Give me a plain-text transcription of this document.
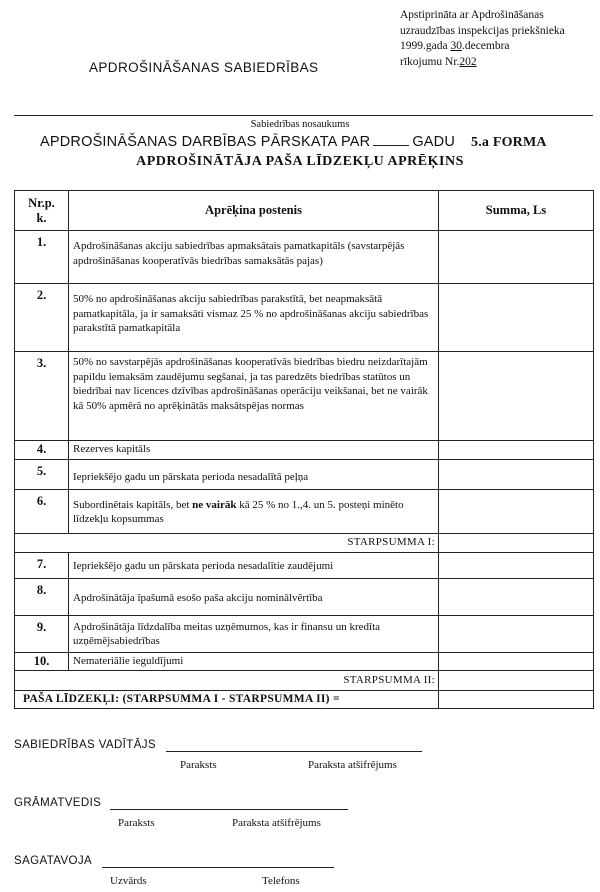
Apstiprināta ar Apdrošināšanas
uzraudzības inspekcijas priekšnieka
1999.gada 30.decembra
rīkojumu Nr.202
APDROŠINĀŠANAS SABIEDRĪBAS
Sabiedrības nosaukums
APDROŠINĀŠANAS DARBĪBAS PĀRSKATA PAR	GADU 5.a FORMA
APDROŠINĀTĀJA PAŠA LĪDZEKĻU APRĒĶINS
Nr.p.
k.	Aprēķina postenis	Summa, Ls
1.	Apdrošināšanas akciju sabiedrības apmaksātais pamatkapitāls (savstarpējās apdrošināšanas kooperatīvās biedrības samaksātās pajas)	

2.	50% no apdrošināšanas akciju sabiedrības parakstītā, bet neapmaksātā pamatkapitāla, ja ir samaksāti vismaz 25 % no apdrošināšanas akciju sabiedrības parakstītā pamatkapitāla	

3.	50% no savstarpējās apdrošināšanas kooperatīvās biedrības biedru neizdarītajām papildu iemaksām zaudējumu segšanai, ja tas paredzēts biedrības statūtos un biedrībai nav licences dzīvības apdrošināšanas operāciju veikšanai, bet ne vairāk kā 50% apmērā no aprēķinātās maksātspējas normas	

4.	Rezerves kapitāls	

5.	Iepriekšējo gadu un pārskata perioda nesadalītā peļņa	

6.	Subordinētais kapitāls, bet ne vairāk kā 25 % no 1.,4. un 5. posteņi minēto līdzekļu kopsummas	

STARPSUMMA I:		
7.	Iepriekšējo gadu un pārskata perioda nesadalītie zaudējumi	

8.	Apdrošinātāja īpašumā esošo paša akciju nominālvērtība	

9.	Apdrošinātāja līdzdalība meitas uzņēmumos, kas ir finansu un kredīta uzņēmējsabiedrības	

10.	Nemateriālie ieguldījumi	

STARPSUMMA II:		
PAŠA LĪDZEKĻI: (STARPSUMMA I - STARPSUMMA II) =		
SABIEDRĪBAS VADĪTĀJS
Paraksts	Paraksta atšifrējums
GRĀMATVEDIS
Paraksts	Paraksta atšifrējums
SAGATAVOJA
Uzvārds	Telefons
